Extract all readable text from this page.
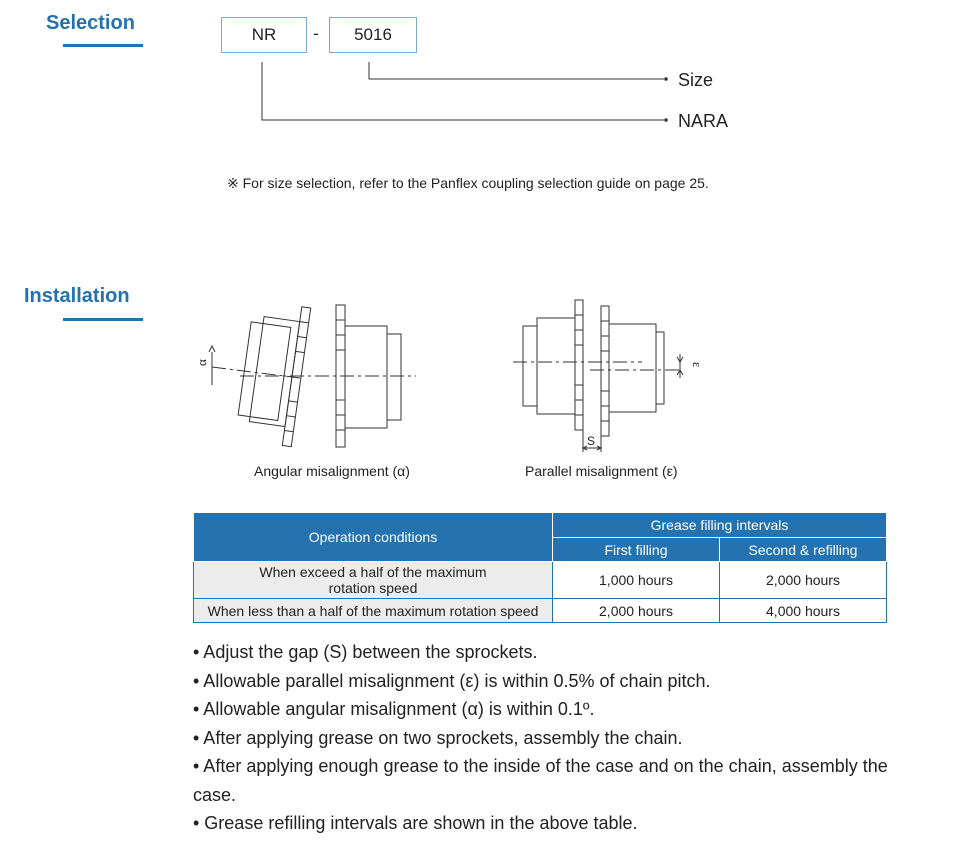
Selection
NR	-	5016
Size
NARA
※ For size selection, refer to the Panflex coupling selection guide on page 25.
Installation
α
Angular misalignment (α)
ε
S
Parallel misalignment (ε)
Operation conditions	Grease filling intervals	
	First filling	Second & refilling
When exceed a half of the maximum
rotation speed	1,000 hours	2,000 hours
When less than a half of the maximum rotation speed	2,000 hours	4,000 hours
• Adjust the gap (S) between the sprockets.
• Allowable parallel misalignment (ε) is within 0.5% of chain pitch.
• Allowable angular misalignment (α) is within 0.1º.
• After applying grease on two sprockets, assembly the chain.
• After applying enough grease to the inside of the case and on the chain, assembly the case.
• Grease refilling intervals are shown in the above table.
